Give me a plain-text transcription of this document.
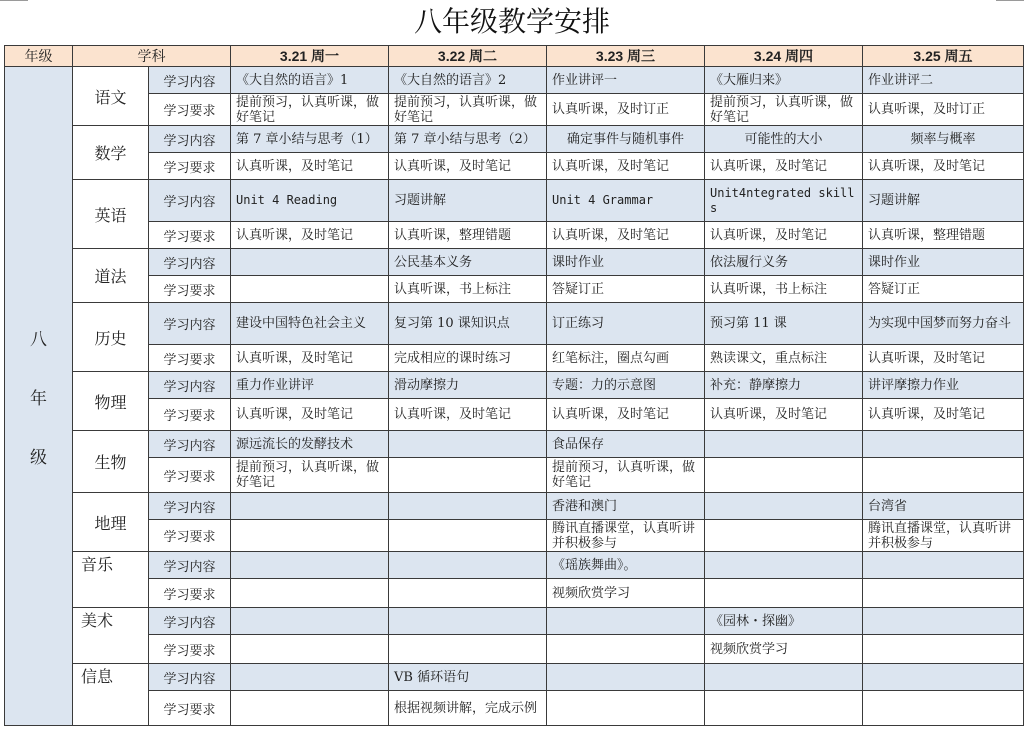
八年级教学安排
年级	学科		3.21 周一	3.22 周二	3.23 周三	3.24 周四	3.25 周五

八
年
级	语文	学习内容	《大自然的语言》1	《大自然的语言》2	作业讲评一	《大雁归来》	作业讲评二
		学习要求	提前预习，认真听课，做好笔记	提前预习，认真听课，做好笔记	认真听课，及时订正	提前预习，认真听课，做好笔记	认真听课，及时订正
	数学	学习内容	第 7 章小结与思考（1）	第 7 章小结与思考（2）	确定事件与随机事件	可能性的大小	频率与概率
		学习要求	认真听课，及时笔记	认真听课，及时笔记	认真听课，及时笔记	认真听课，及时笔记	认真听课，及时笔记
	英语	学习内容	Unit 4 Reading	习题讲解	Unit 4 Grammar	Unit4ntegrated skills	习题讲解
		学习要求	认真听课，及时笔记	认真听课，整理错题	认真听课，及时笔记	认真听课，及时笔记	认真听课，整理错题
	道法	学习内容		公民基本义务	课时作业	依法履行义务	课时作业
		学习要求		认真听课，书上标注	答疑订正	认真听课，书上标注	答疑订正
	历史	学习内容	建设中国特色社会主义	复习第 10 课知识点	订正练习	预习第 11 课	为实现中国梦而努力奋斗
		学习要求	认真听课，及时笔记	完成相应的课时练习	红笔标注，圈点勾画	熟读课文，重点标注	认真听课，及时笔记
	物理	学习内容	重力作业讲评	滑动摩擦力	专题：力的示意图	补充：静摩擦力	讲评摩擦力作业
		学习要求	认真听课，及时笔记	认真听课，及时笔记	认真听课，及时笔记	认真听课，及时笔记	认真听课，及时笔记
	生物	学习内容	源远流长的发酵技术		食品保存		
		学习要求	提前预习，认真听课，做好笔记		提前预习，认真听课，做好笔记		
	地理	学习内容			香港和澳门		台湾省
		学习要求			腾讯直播课堂，认真听讲并积极参与		腾讯直播课堂，认真听讲并积极参与
	音乐	学习内容			《瑶族舞曲》。		
		学习要求			视频欣赏学习		
	美术	学习内容				《园林・探幽》	
		学习要求				视频欣赏学习	
	信息	学习内容		VB 循环语句			
		学习要求		根据视频讲解，完成示例			
